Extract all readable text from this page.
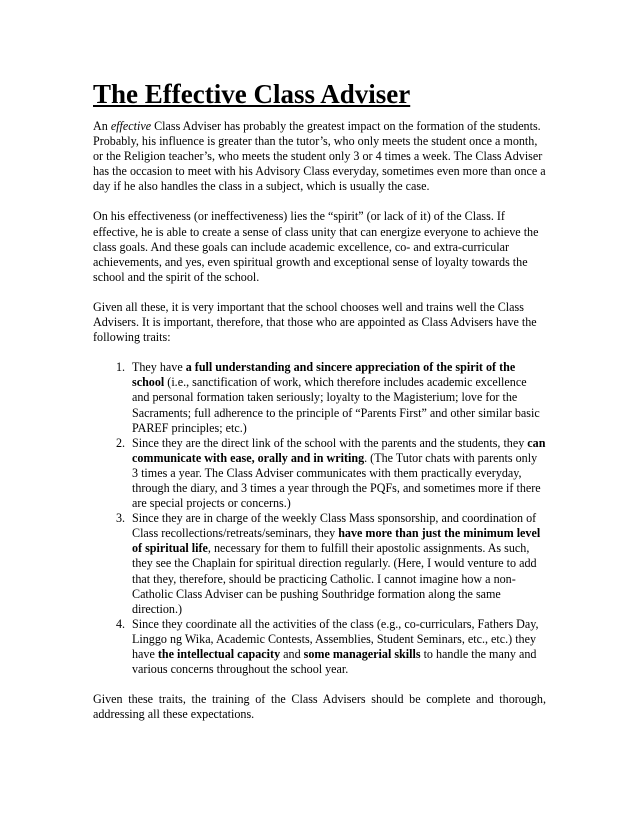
The Effective Class Adviser

An effective Class Adviser has probably the greatest impact on the formation of the students. Probably, his influence is greater than the tutor’s, who only meets the student once a month, or the Religion teacher’s, who meets the student only 3 or 4 times a week. The Class Adviser has the occasion to meet with his Advisory Class everyday, sometimes even more than once a day if he also handles the class in a subject, which is usually the case.

On his effectiveness (or ineffectiveness) lies the “spirit” (or lack of it) of the Class. If effective, he is able to create a sense of class unity that can energize everyone to achieve the class goals. And these goals can include academic excellence, co- and extra-curricular achievements, and yes, even spiritual growth and exceptional sense of loyalty towards the school and the spirit of the school.

Given all these, it is very important that the school chooses well and trains well the Class Advisers. It is important, therefore, that those who are appointed as Class Advisers have the following traits:

1. They have a full understanding and sincere appreciation of the spirit of the school (i.e., sanctification of work, which therefore includes academic excellence and personal formation taken seriously; loyalty to the Magisterium; love for the Sacraments; full adherence to the principle of “Parents First” and other similar basic PAREF principles; etc.)
2. Since they are the direct link of the school with the parents and the students, they can communicate with ease, orally and in writing. (The Tutor chats with parents only 3 times a year. The Class Adviser communicates with them practically everyday, through the diary, and 3 times a year through the PQFs, and sometimes more if there are special projects or concerns.)
3. Since they are in charge of the weekly Class Mass sponsorship, and coordination of Class recollections/retreats/seminars, they have more than just the minimum level of spiritual life, necessary for them to fulfill their apostolic assignments. As such, they see the Chaplain for spiritual direction regularly. (Here, I would venture to add that they, therefore, should be practicing Catholic. I cannot imagine how a non-Catholic Class Adviser can be pushing Southridge formation along the same direction.)
4. Since they coordinate all the activities of the class (e.g., co-curriculars, Fathers Day, Linggo ng Wika, Academic Contests, Assemblies, Student Seminars, etc., etc.) they have the intellectual capacity and some managerial skills to handle the many and various concerns throughout the school year.

Given these traits, the training of the Class Advisers should be complete and thorough, addressing all these expectations.
